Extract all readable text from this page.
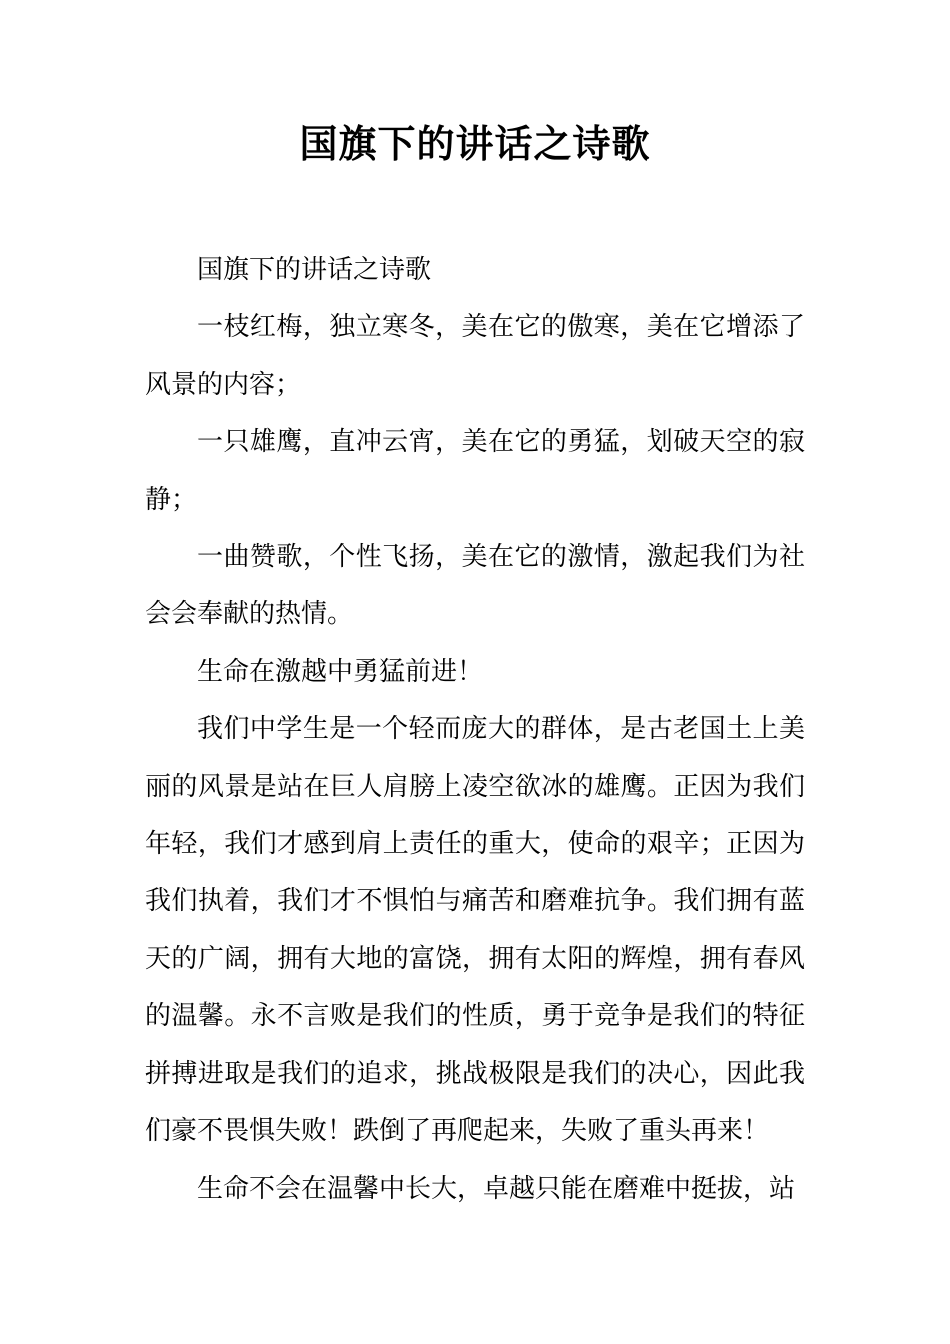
国旗下的讲话之诗歌

国旗下的讲话之诗歌

一枝红梅，独立寒冬，美在它的傲寒，美在它增添了风景的内容；

一只雄鹰，直冲云宵，美在它的勇猛，划破天空的寂静；

一曲赞歌，个性飞扬，美在它的激情，激起我们为社会会奉献的热情。

生命在激越中勇猛前进！

我们中学生是一个轻而庞大的群体，是古老国土上美丽的风景是站在巨人肩膀上凌空欲冰的雄鹰。正因为我们年轻，我们才感到肩上责任的重大，使命的艰辛；正因为我们执着，我们才不惧怕与痛苦和磨难抗争。我们拥有蓝天的广阔，拥有大地的富饶，拥有太阳的辉煌，拥有春风的温馨。永不言败是我们的性质，勇于竞争是我们的特征拼搏进取是我们的追求，挑战极限是我们的决心，因此我们豪不畏惧失败！跌倒了再爬起来，失败了重头再来！

生命不会在温馨中长大，卓越只能在磨难中挺拔，站
